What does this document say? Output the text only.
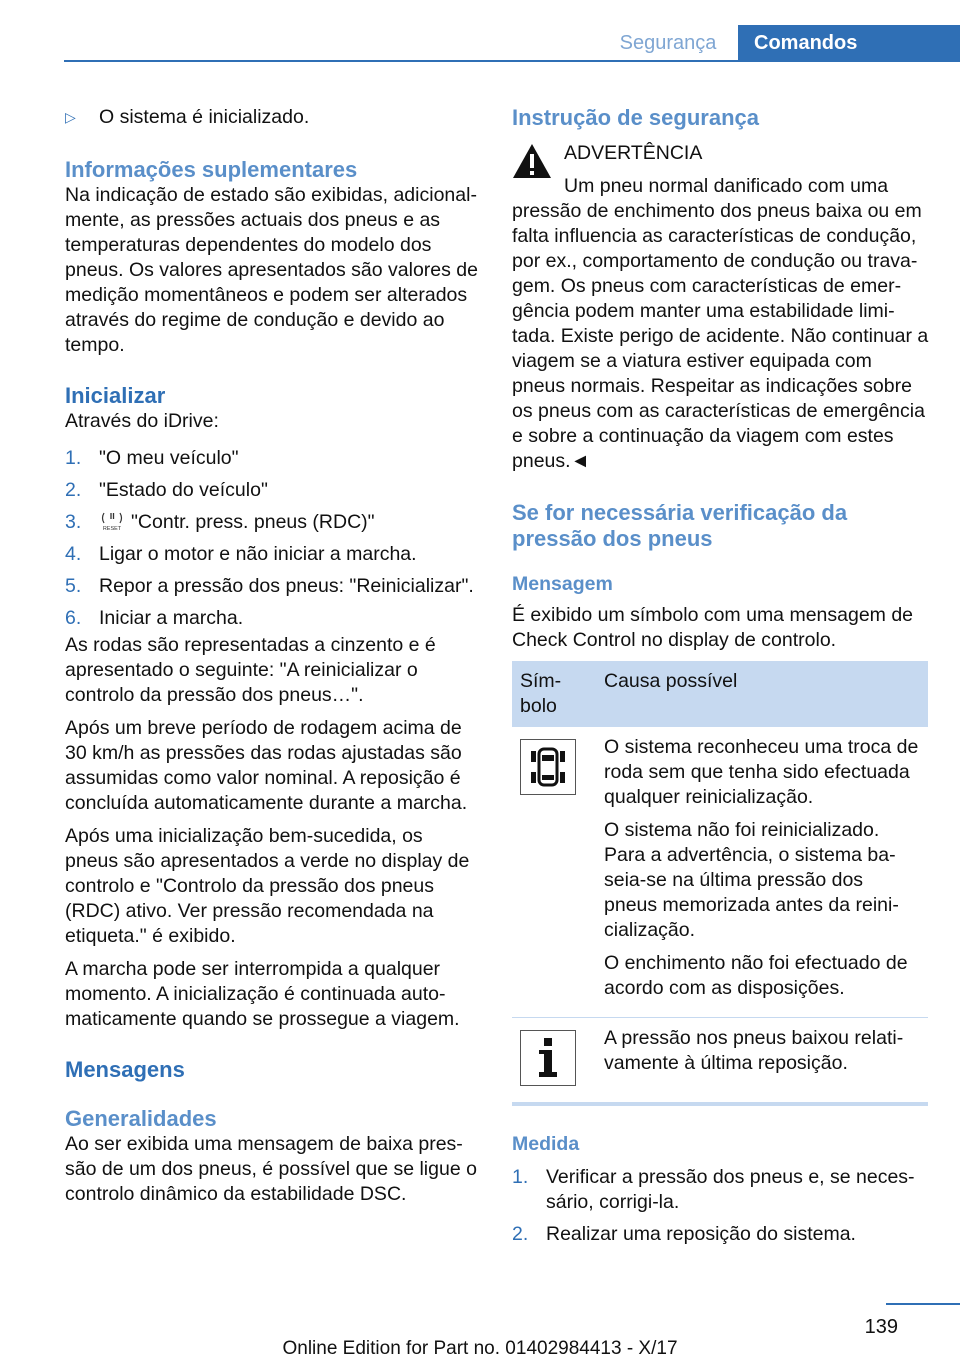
Segurança	Comandos
▷	O sistema é inicializado.
Informações suplementares

Na indicação de estado são exibidas, adicionalmente, as pressões actuais dos pneus e as temperaturas dependentes do modelo dos pneus. Os valores apresentados são valores de medição momentâneos e podem ser alterados através do regime de condução e devido ao tempo.

Inicializar

Através do iDrive:

1. "O meu veículo"
2. "Estado do veículo"
3.	RESET "Contr. press. pneus (RDC)"
4. Ligar o motor e não iniciar a marcha.
5. Repor a pressão dos pneus: "Reinicializar".
6. Iniciar a marcha.

As rodas são representadas a cinzento e é apresentado o seguinte: "A reinicializar o controlo da pressão dos pneus…".

Após um breve período de rodagem acima de 30 km/h as pressões das rodas ajustadas são assumidas como valor nominal. A reposição é concluída automaticamente durante a marcha.

Após uma inicialização bem-sucedida, os pneus são apresentados a verde no display de controlo e "Controlo da pressão dos pneus (RDC) ativo. Ver pressão recomendada na etiqueta." é exibido.

A marcha pode ser interrompida a qualquer momento. A inicialização é continuada automaticamente quando se prossegue a viagem.

Mensagens
Generalidades

Ao ser exibida uma mensagem de baixa pressão de um dos pneus, é possível que se ligue o controlo dinâmico da estabilidade DSC.

Instrução de segurança
ADVERTÊNCIA

Um pneu normal danificado com uma pressão de enchimento dos pneus baixa ou em falta influencia as características de condução, por ex., comportamento de condução ou travagem. Os pneus com características de emergência podem manter uma estabilidade limitada. Existe perigo de acidente. Não continuar a viagem se a viatura estiver equipada com pneus normais. Respeitar as indicações sobre os pneus com as características de emergência e sobre a continuação da viagem com estes pneus.◄

Se for necessária verificação da pressão dos pneus
Mensagem

É exibido um símbolo com uma mensagem de Check Control no display de controlo.

Símbolo	Causa possível

O sistema reconheceu uma troca de roda sem que tenha sido efectuada qualquer reinicialização.

O sistema não foi reinicializado. Para a advertência, o sistema baseia-se na última pressão dos pneus memorizada antes da reinicialização.

O enchimento não foi efectuado de acordo com as disposições.

A pressão nos pneus baixou relativamente à última reposição.

Medida
1. Verificar a pressão dos pneus e, se necessário, corrigi-la.
2. Realizar uma reposição do sistema.
139
Online Edition for Part no. 01402984413 - X/17
